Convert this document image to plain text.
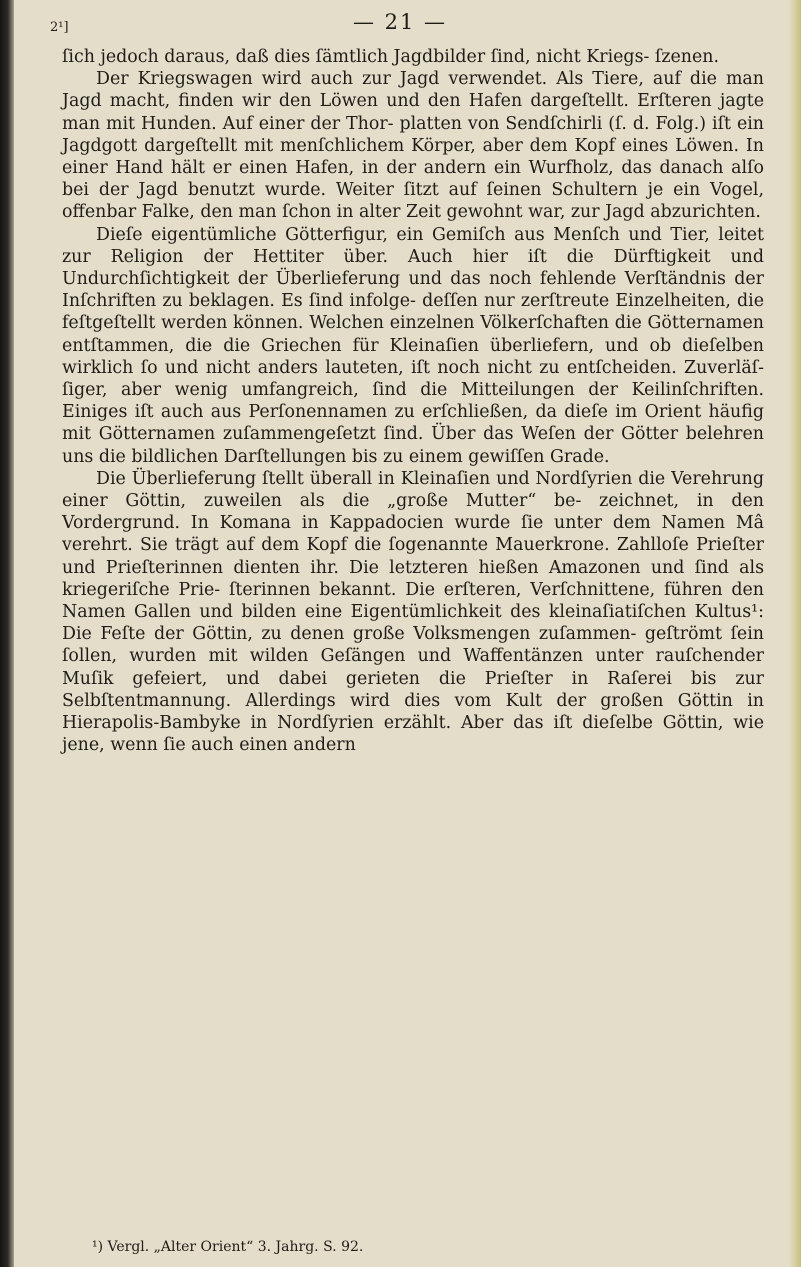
2¹]	— 21 —

ſich jedoch daraus, daß dies ſämtlich Jagdbilder ſind, nicht Kriegs- ſzenen.

Der Kriegswagen wird auch zur Jagd verwendet. Als Tiere, auf die man Jagd macht, finden wir den Löwen und den Hafen dargeſtellt. Erſteren jagte man mit Hunden. Auf einer der Thor- platten von Sendſchirli (ſ. d. Folg.) iſt ein Jagdgott dargeſtellt mit menſchlichem Körper, aber dem Kopf eines Löwen. In einer Hand hält er einen Hafen, in der andern ein Wurfholz, das danach alſo bei der Jagd benutzt wurde. Weiter ſitzt auf ſeinen Schultern je ein Vogel, offenbar Falke, den man ſchon in alter Zeit gewohnt war, zur Jagd abzurichten.

Dieſe eigentümliche Götterfigur, ein Gemiſch aus Menſch und Tier, leitet zur Religion der Hettiter über. Auch hier iſt die Dürftigkeit und Undurchſichtigkeit der Überlieferung und das noch fehlende Verſtändnis der Inſchriften zu beklagen. Es ſind infolge- deſſen nur zerſtreute Einzelheiten, die feſtgeſtellt werden können. Welchen einzelnen Völkerſchaften die Götternamen entſtammen, die die Griechen für Kleinaſien überliefern, und ob dieſelben wirklich ſo und nicht anders lauteten, iſt noch nicht zu entſcheiden. Zuverläſ- ſiger, aber wenig umfangreich, ſind die Mitteilungen der Keilinſchriften. Einiges iſt auch aus Perſonennamen zu erſchließen, da dieſe im Orient häufig mit Götternamen zuſammengeſetzt ſind. Über das Weſen der Götter belehren uns die bildlichen Darſtellungen bis zu einem gewiſſen Grade.

Die Überlieferung ſtellt überall in Kleinaſien und Nordſyrien die Verehrung einer Göttin, zuweilen als die „große Mutter“ be- zeichnet, in den Vordergrund. In Komana in Kappadocien wurde ſie unter dem Namen Mâ verehrt. Sie trägt auf dem Kopf die ſogenannte Mauerkrone. Zahlloſe Prieſter und Prieſterinnen dienten ihr. Die letzteren hießen Amazonen und ſind als kriegeriſche Prie- ſterinnen bekannt. Die erſteren, Verſchnittene, führen den Namen Gallen und bilden eine Eigentümlichkeit des kleinaſiatiſchen Kultus¹: Die Feſte der Göttin, zu denen große Volksmengen zuſammen- geſtrömt ſein ſollen, wurden mit wilden Geſängen und Waffentänzen unter rauſchender Muſik gefeiert, und dabei gerieten die Prieſter in Raſerei bis zur Selbſtentmannung. Allerdings wird dies vom Kult der großen Göttin in Hierapolis-Bambyke in Nordſyrien erzählt. Aber das iſt dieſelbe Göttin, wie jene, wenn ſie auch einen andern

¹) Vergl. „Alter Orient“ 3. Jahrg. S. 92.
